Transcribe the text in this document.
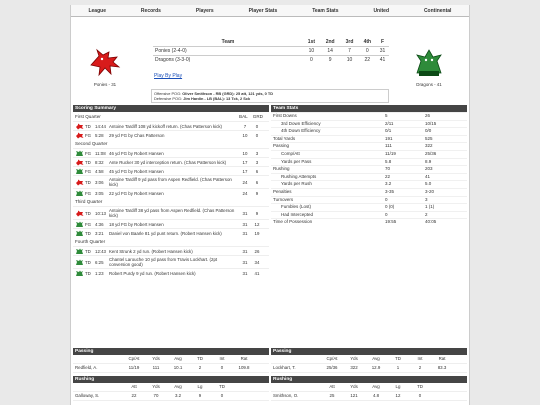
League	Records	Players	Player Stats	Team Stats	United	Continental
Ponies - 31
Team	1st	2nd	3rd	4th	F
Ponies (2-4-0)	10	14	7	0	31
Dragons (3-3-0)	0	9	10	22	41
Play By Play
Offensive POG: Oliver Smithson - RB (GRD): 25 att, 121 yds, 0 TD
Defensive POG: Jim Hardin - LB (BAL): 13 Tck, 2 Sck
Dragons - 41
Scoring Summary
First Quarter	BAL GRD
TD 14:44 Antoine Tardiff 108 yd kickoff return. (Chas Patterson kick)	7	0
FG 5:28	29 yd FG by Chas Patterson	10	0
Second Quarter
FG 11:08 46 yd FG by Robert Hansen	10	3
TD 8:32	Ante Rucker 30 yd interception return. (Chas Patterson kick)	17	3
FG 4:58	45 yd FG by Robert Hansen	17	6
TD 3:06	Antoine Tardiff 9 yd pass from Aspen Redfield. (Chas Patterson kick)	24	6
FG 3:05	22 yd FG by Robert Hansen	24	9
Third Quarter
TD 10:13 Antoine Tardiff 38 yd pass from Aspen Redfield. (Chas Patterson kick)	31	9
FG 4:36	18 yd FG by Robert Hansen	31	12
TD 3:21	Daniel von Baarle 81 yd punt return. (Robert Hansen kick)	31	19
Fourth Quarter
TD 12:43 Kent Strunk 2 yd run. (Robert Hansen kick)	31	26
TD 6:25	Chantel Larouche 10 yd pass from Travis Lockhart. (2pt conversion good)	31	34
TD 1:23	Robert Purdy 9 yd run. (Robert Hansen kick)	31	41
Team Stats
First Downs	5	26
3rd Down Efficiency	2/11	10/15
4th Down Efficiency	0/1	0/0
Total Yards	191	525
Passing	111	322
Comp/Att	11/19	25/36
Yards per Pass	5.8	8.9
Rushing	70	203
Rushing Attempts	22	41
Yards per Rush	3.2	5.0
Penalties	3-35	3-20
Turnovers	0	3
Fumbles (Lost)	0 (0)	1 (1)
Had Intercepted	0	2
Time of Possession	19:55	40:05
Passing
Cp/At	Yds	Avg	TD	Int	Rat
Redfield, A.	11/19	111	10.1	2	0	109.8
Passing
Cp/At	Yds	Avg	TD	Int	Rat
Lockhart, T.	25/36	322	12.9	1	2	83.3
Rushing
Att	Yds	Avg	Lg	TD
Galloway, S.	22	70	3.2	9	0
Rushing
Att	Yds	Avg	Lg	TD
Smithson, O.	25	121	4.8	12	0
